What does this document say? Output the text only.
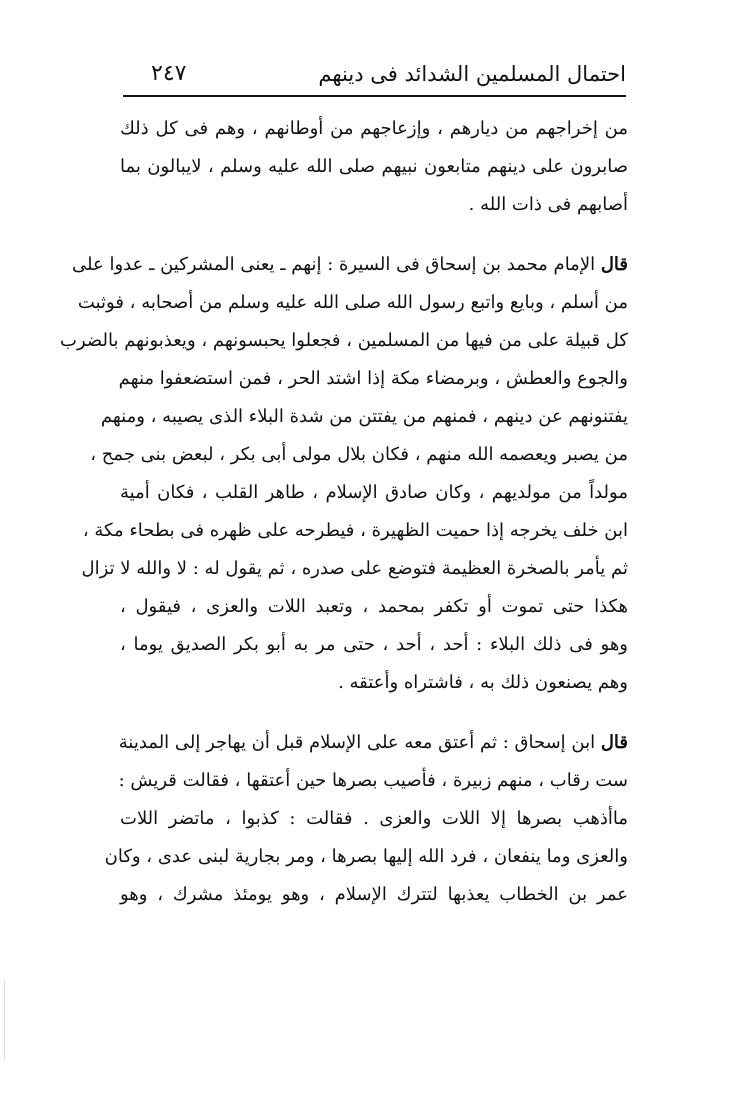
احتمال المسلمين الشدائد فى دينهم
٢٤٧
من إخراجهم من ديارهم ، وإزعاجهم من أوطانهم ، وهم فى كل ذلك
صابرون على دينهم متابعون نبيهم صلى الله عليه وسلم ، لايبالون بما
أصابهم فى ذات الله .
قال الإمام محمد بن إسحاق فى السيرة : إنهم ـ يعنى المشركين ـ عدوا على
من أسلم ، وبايع واتبع رسول الله صلى الله عليه وسلم من أصحابه ، فوثبت
كل قبيلة على من فيها من المسلمين ، فجعلوا يحبسونهم ، ويعذبونهم بالضرب
والجوع والعطش ، وبرمضاء مكة إذا اشتد الحر ، فمن استضعفوا منهم
يفتنونهم عن دينهم ، فمنهم من يفتتن من شدة البلاء الذى يصيبه ، ومنهم
من يصبر ويعصمه الله منهم ، فكان بلال مولى أبى بكر ، لبعض بنى جمح ،
مولداً من مولديهم ، وكان صادق الإسلام ، طاهر القلب ، فكان أمية
ابن خلف يخرجه إذا حميت الظهيرة ، فيطرحه على ظهره فى بطحاء مكة ،
ثم يأمر بالصخرة العظيمة فتوضع على صدره ، ثم يقول له : لا والله لا تزال
هكذا حتى تموت أو تكفر بمحمد ، وتعبد اللات والعزى ، فيقول ،
وهو فى ذلك البلاء : أحد ، أحد ، حتى مر به أبو بكر الصديق يوما ،
وهم يصنعون ذلك به ، فاشتراه وأعتقه .
قال ابن إسحاق : ثم أعتق معه على الإسلام قبل أن يهاجر إلى المدينة
ست رقاب ، منهم زبيرة ، فأصيب بصرها حين أعتقها ، فقالت قريش :
ماأذهب بصرها إلا اللات والعزى . فقالت : كذبوا ، ماتضر اللات
والعزى وما ينفعان ، فرد الله إليها بصرها ، ومر بجارية لبنى عدى ، وكان
عمر بن الخطاب يعذبها لتترك الإسلام ، وهو يومئذ مشرك ، وهو
